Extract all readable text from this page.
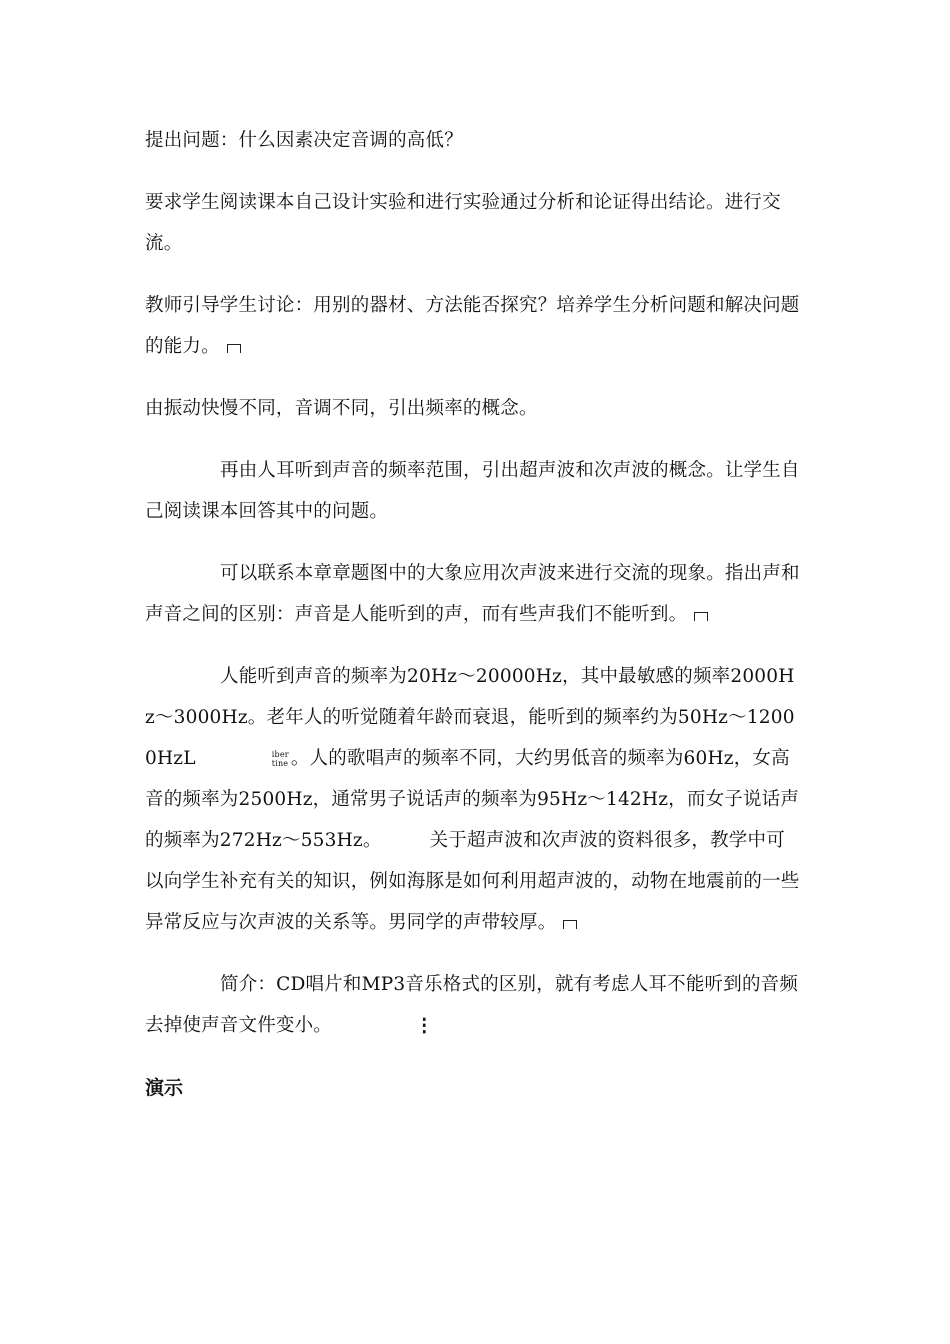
提出问题：什么因素决定音调的高低？

要求学生阅读课本自己设计实验和进行实验通过分析和论证得出结论。进行交流。

教师引导学生讨论：用别的器材、方法能否探究？培养学生分析问题和解决问题的能力。

由振动快慢不同，音调不同，引出频率的概念。

再由人耳听到声音的频率范围，引出超声波和次声波的概念。让学生自己阅读课本回答其中的问题。

可以联系本章章题图中的大象应用次声波来进行交流的现象。指出声和声音之间的区别：声音是人能听到的声，而有些声我们不能听到。

人能听到声音的频率为20Hz～20000Hz，其中最敏感的频率2000Hz～3000Hz。老年人的听觉随着年龄而衰退，能听到的频率约为50Hz～12000HzL	iber
tine 。人的歌唱声的频率不同，大约男低音的频率为60Hz，女高音的频率为2500Hz，通常男子说话声的频率为95Hz～142Hz，而女子说话声的频率为272Hz～553Hz。	关于超声波和次声波的资料很多，教学中可以向学生补充有关的知识，例如海豚是如何利用超声波的，动物在地震前的一些异常反应与次声波的关系等。男同学的声带较厚。

简介：CD唱片和MP3音乐格式的区别，就有考虑人耳不能听到的音频去掉使声音文件变小。	⋮

演示
